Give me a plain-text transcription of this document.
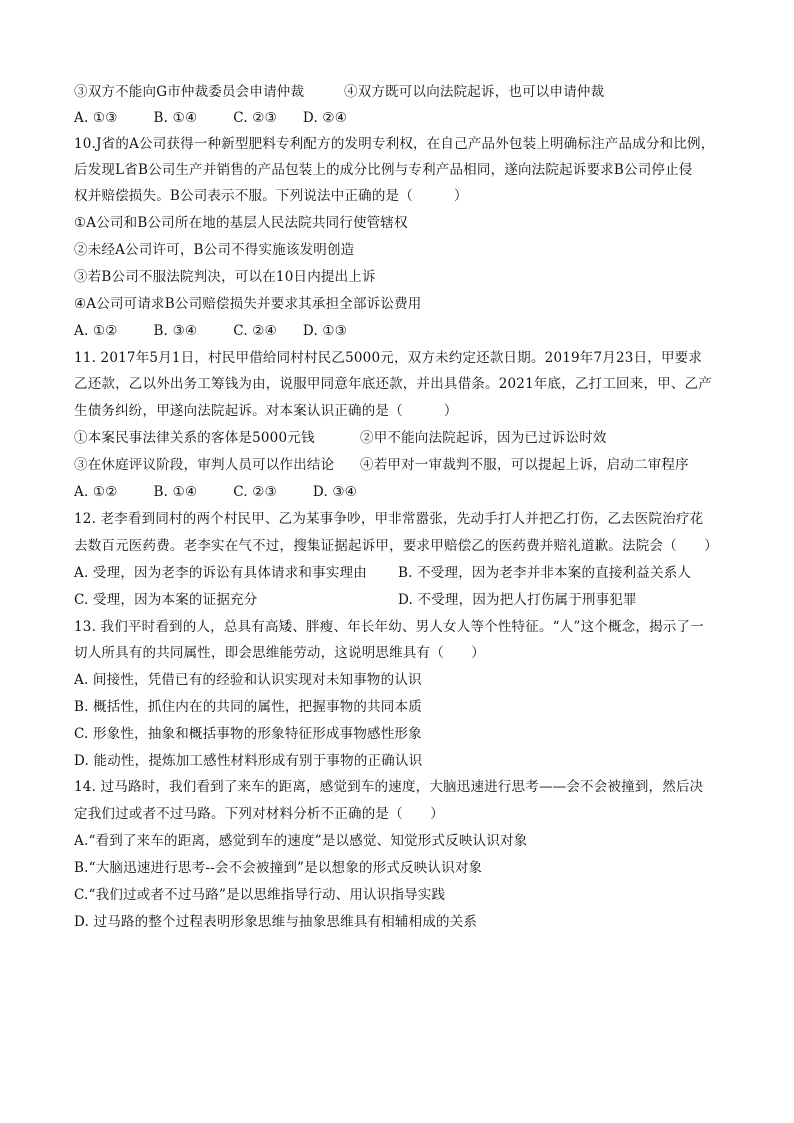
③双方不能向G市仲裁委员会申请仲裁	④双方既可以向法院起诉，也可以申请仲裁
A. ①③	B. ①④	C. ②③ D. ②④
10.J省的A公司获得一种新型肥料专利配方的发明专利权，在自己产品外包装上明确标注产品成分和比例，
后发现L省B公司生产并销售的产品包装上的成分比例与专利产品相同，遂向法院起诉要求B公司停止侵
权并赔偿损失。B公司表示不服。下列说法中正确的是（　　　）
①A公司和B公司所在地的基层人民法院共同行使管辖权
②未经A公司许可，B公司不得实施该发明创造
③若B公司不服法院判决，可以在10日内提出上诉
④A公司可请求B公司赔偿损失并要求其承担全部诉讼费用
A. ①②	B. ③④	C. ②④ D. ①③
11. 2017年5月1日，村民甲借给同村村民乙5000元，双方未约定还款日期。2019年7月23日，甲要求
乙还款，乙以外出务工筹钱为由，说服甲同意年底还款，并出具借条。2021年底，乙打工回来，甲、乙产
生债务纠纷，甲遂向法院起诉。对本案认识正确的是（　　　）
①本案民事法律关系的客体是5000元钱	②甲不能向法院起诉，因为已过诉讼时效
③在休庭评议阶段，审判人员可以作出结论 ④若甲对一审裁判不服，可以提起上诉，启动二审程序
A. ①②	B. ①④	C. ②③	D. ③④
12. 老李看到同村的两个村民甲、乙为某事争吵，甲非常嚣张，先动手打人并把乙打伤，乙去医院治疗花
去数百元医药费。老李实在气不过，搜集证据起诉甲，要求甲赔偿乙的医药费并赔礼道歉。法院会（　　）
A. 受理，因为老李的诉讼有具体请求和事实理由 B. 不受理，因为老李并非本案的直接利益关系人
C. 受理，因为本案的证据充分	D. 不受理，因为把人打伤属于刑事犯罪
13. 我们平时看到的人，总具有高矮、胖瘦、年长年幼、男人女人等个性特征。“人”这个概念，揭示了一
切人所具有的共同属性，即会思维能劳动，这说明思维具有（　　）
A. 间接性，凭借已有的经验和认识实现对未知事物的认识
B. 概括性，抓住内在的共同的属性，把握事物的共同本质
C. 形象性，抽象和概括事物的形象特征形成事物感性形象
D. 能动性，提炼加工感性材料形成有别于事物的正确认识
14. 过马路时，我们看到了来车的距离，感觉到车的速度，大脑迅速进行思考——会不会被撞到，然后决
定我们过或者不过马路。下列对材料分析不正确的是（　　）
A.“看到了来车的距离，感觉到车的速度”是以感觉、知觉形式反映认识对象
B.“大脑迅速进行思考--会不会被撞到”是以想象的形式反映认识对象
C.“我们过或者不过马路”是以思维指导行动、用认识指导实践
D. 过马路的整个过程表明形象思维与抽象思维具有相辅相成的关系
